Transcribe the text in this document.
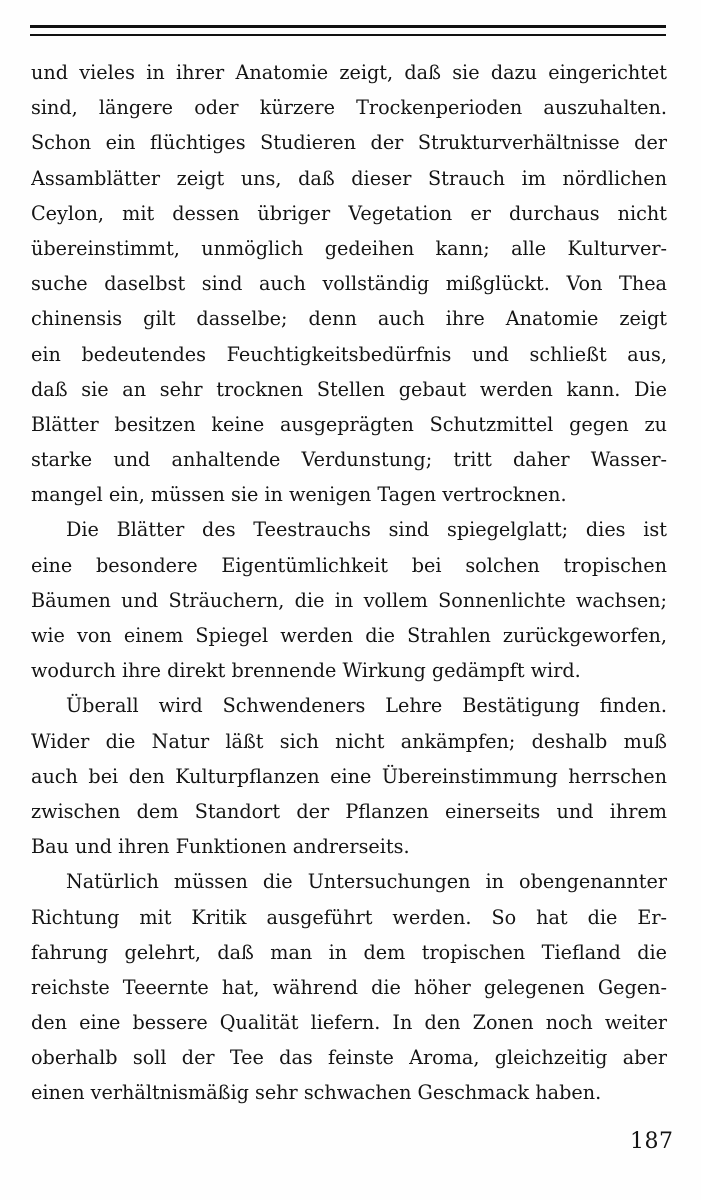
und vieles in ihrer Anatomie zeigt, daß sie dazu eingerichtet
sind, längere oder kürzere Trockenperioden auszuhalten.
Schon ein flüchtiges Studieren der Strukturverhältnisse der
Assamblätter zeigt uns, daß dieser Strauch im nördlichen
Ceylon, mit dessen übriger Vegetation er durchaus nicht
übereinstimmt, unmöglich gedeihen kann; alle Kulturver-
suche daselbst sind auch vollständig mißglückt. Von Thea
chinensis gilt dasselbe; denn auch ihre Anatomie zeigt
ein bedeutendes Feuchtigkeitsbedürfnis und schließt aus,
daß sie an sehr trocknen Stellen gebaut werden kann. Die
Blätter besitzen keine ausgeprägten Schutzmittel gegen zu
starke und anhaltende Verdunstung; tritt daher Wasser-
mangel ein, müssen sie in wenigen Tagen vertrocknen.
Die Blätter des Teestrauchs sind spiegelglatt; dies ist
eine besondere Eigentümlichkeit bei solchen tropischen
Bäumen und Sträuchern, die in vollem Sonnenlichte wachsen;
wie von einem Spiegel werden die Strahlen zurückgeworfen,
wodurch ihre direkt brennende Wirkung gedämpft wird.
Überall wird Schwendeners Lehre Bestätigung finden.
Wider die Natur läßt sich nicht ankämpfen; deshalb muß
auch bei den Kulturpflanzen eine Übereinstimmung herrschen
zwischen dem Standort der Pflanzen einerseits und ihrem
Bau und ihren Funktionen andrerseits.
Natürlich müssen die Untersuchungen in obengenannter
Richtung mit Kritik ausgeführt werden. So hat die Er-
fahrung gelehrt, daß man in dem tropischen Tiefland die
reichste Teeernte hat, während die höher gelegenen Gegen-
den eine bessere Qualität liefern. In den Zonen noch weiter
oberhalb soll der Tee das feinste Aroma, gleichzeitig aber
einen verhältnismäßig sehr schwachen Geschmack haben.
187
